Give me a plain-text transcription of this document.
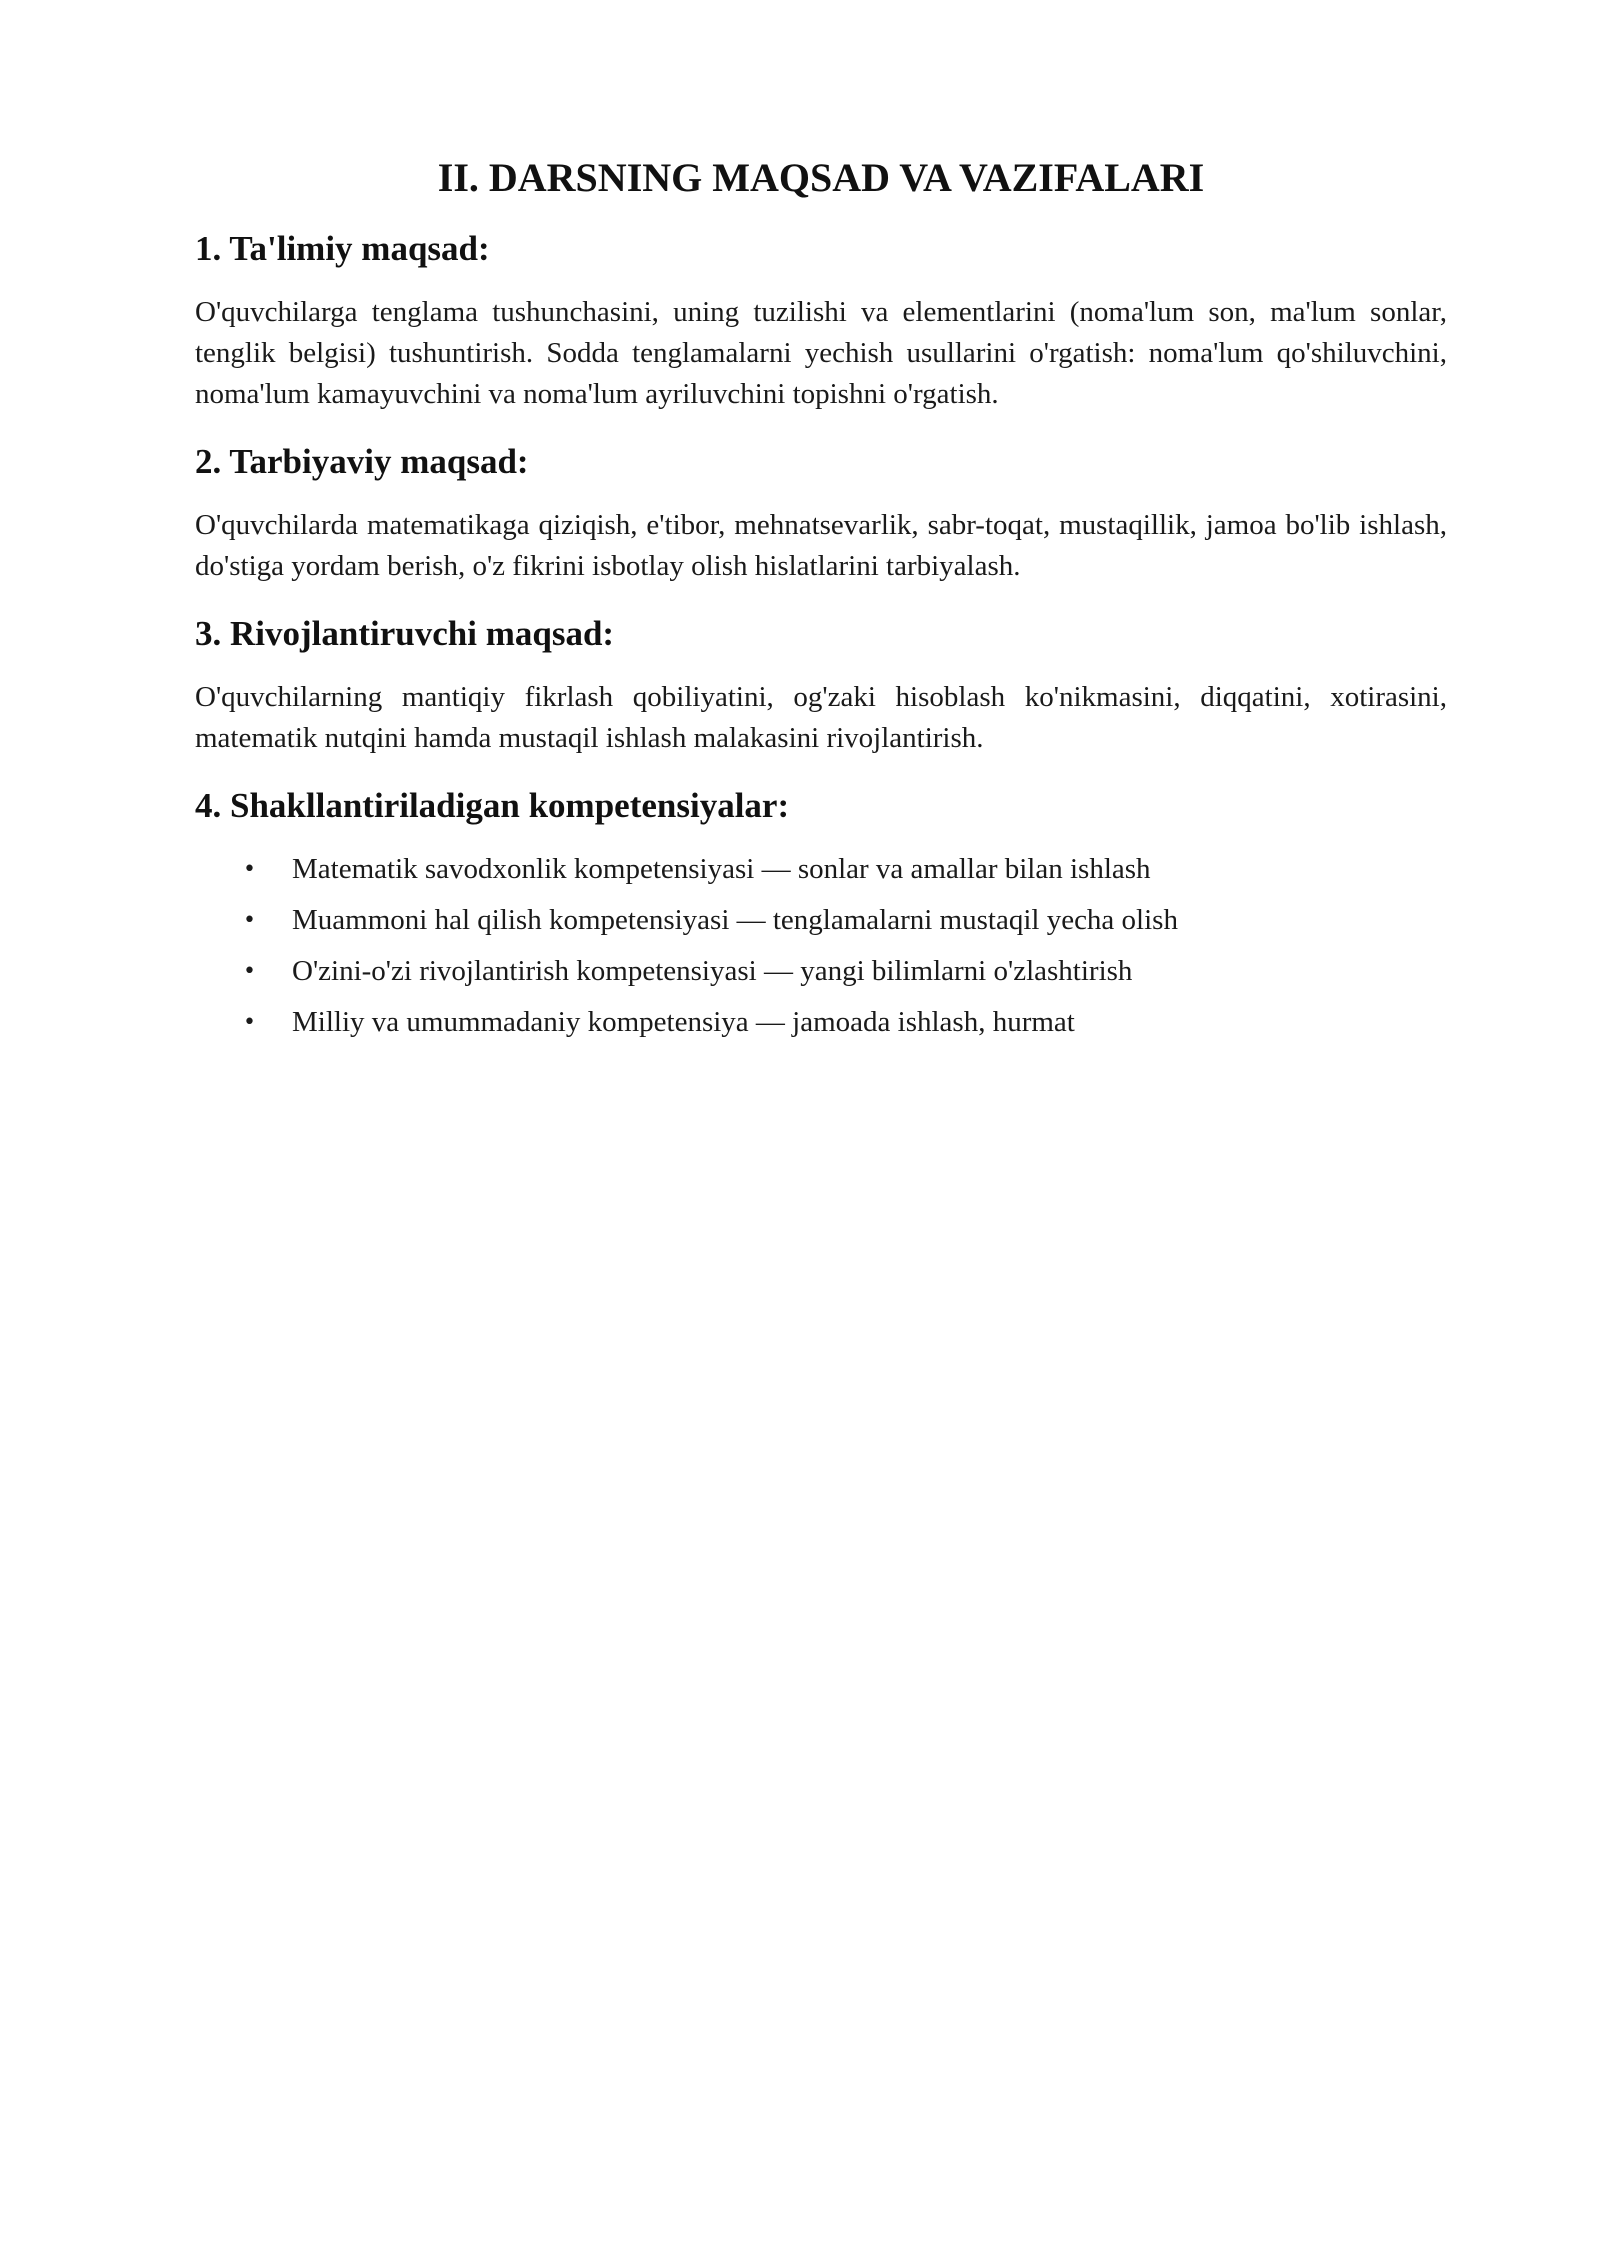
II. DARSNING MAQSAD VA VAZIFALARI
1. Ta'limiy maqsad:

O'quvchilarga tenglama tushunchasini, uning tuzilishi va elementlarini (noma'lum son, ma'lum sonlar, tenglik belgisi) tushuntirish. Sodda tenglamalarni yechish usullarini o'rgatish: noma'lum qo'shiluvchini, noma'lum kamayuvchini va noma'lum ayriluvchini topishni o'rgatish.

2. Tarbiyaviy maqsad:

O'quvchilarda matematikaga qiziqish, e'tibor, mehnatsevarlik, sabr-toqat, mustaqillik, jamoa bo'lib ishlash, do'stiga yordam berish, o'z fikrini isbotlay olish hislatlarini tarbiyalash.

3. Rivojlantiruvchi maqsad:

O'quvchilarning mantiqiy fikrlash qobiliyatini, og'zaki hisoblash ko'nikmasini, diqqatini, xotirasini, matematik nutqini hamda mustaqil ishlash malakasini rivojlantirish.

4. Shakllantiriladigan kompetensiyalar:
• Matematik savodxonlik kompetensiyasi — sonlar va amallar bilan ishlash
• Muammoni hal qilish kompetensiyasi — tenglamalarni mustaqil yecha olish
• O'zini-o'zi rivojlantirish kompetensiyasi — yangi bilimlarni o'zlashtirish
• Milliy va umummadaniy kompetensiya — jamoada ishlash, hurmat
